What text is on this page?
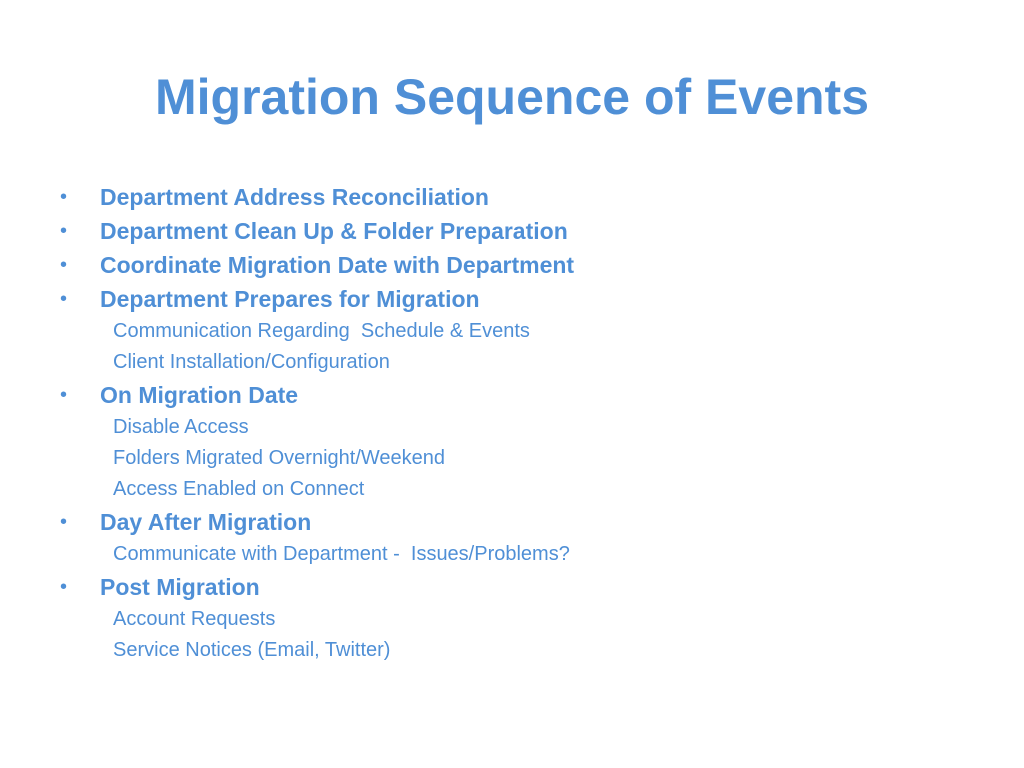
Migration Sequence of Events
•	Department Address Reconciliation
•	Department Clean Up & Folder Preparation
•	Coordinate Migration Date with Department
•	Department Prepares for Migration
Communication Regarding  Schedule & Events
Client Installation/Configuration
•	On Migration Date
Disable Access
Folders Migrated Overnight/Weekend
Access Enabled on Connect
•	Day After Migration
Communicate with Department -  Issues/Problems?
•	Post Migration
Account Requests
Service Notices (Email, Twitter)
